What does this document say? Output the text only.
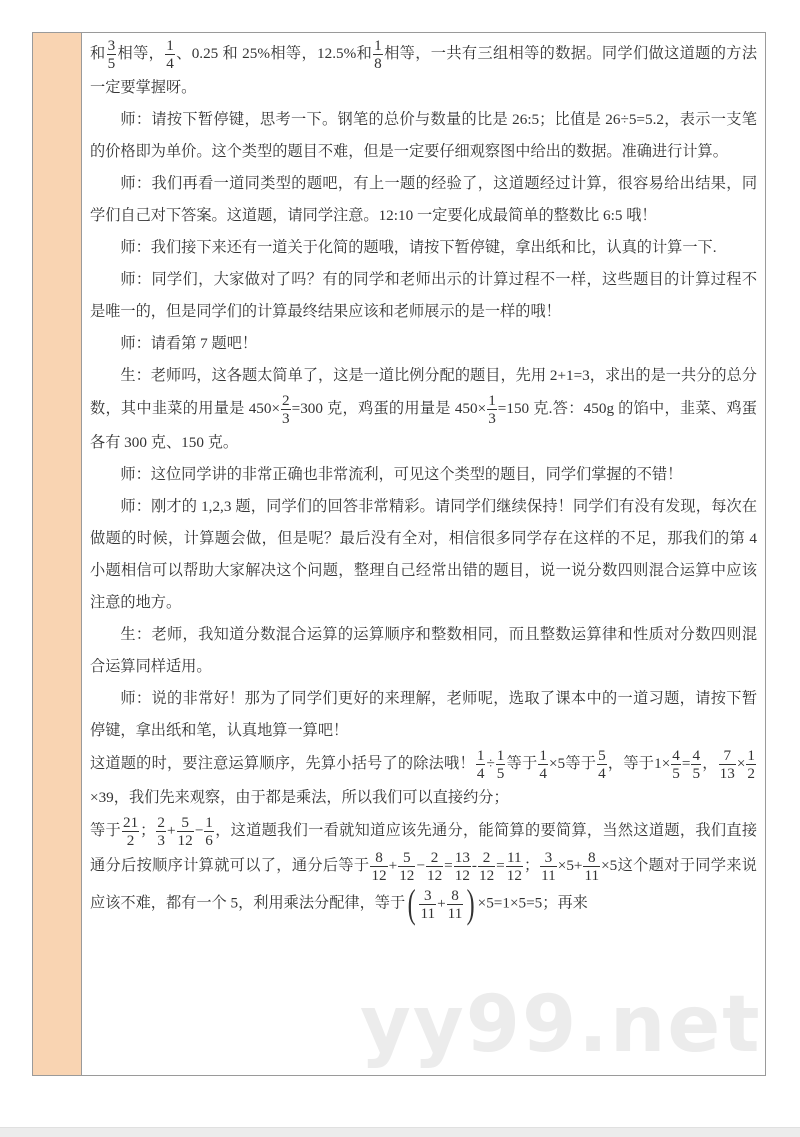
和 $\frac{3}{5}$ 相等， $\frac{1}{4}$ 、0.25 和 25%相等，12.5%和 $\frac{1}{8}$ 相等，一共有三组相等的数据。同学们做这道题的方法一定要掌握呀。

师：请按下暂停键，思考一下。钢笔的总价与数量的比是 26:5；比值是 26÷5=5.2，表示一支笔的价格即为单价。这个类型的题目不难，但是一定要仔细观察图中给出的数据。准确进行计算。

师：我们再看一道同类型的题吧，有上一题的经验了，这道题经过计算，很容易给出结果，同学们自己对下答案。这道题，请同学注意。12:10 一定要化成最简单的整数比 6:5 哦！

师：我们接下来还有一道关于化简的题哦，请按下暂停键，拿出纸和比，认真的计算一下.

师：同学们，大家做对了吗？有的同学和老师出示的计算过程不一样，这些题目的计算过程不是唯一的，但是同学们的计算最终结果应该和老师展示的是一样的哦！

师：请看第 7 题吧！

生：老师吗，这各题太简单了，这是一道比例分配的题目，先用 2+1=3，求出的是一共分的总分数，其中韭菜的用量是 $450\times \frac{2}{3} =300$ 克，鸡蛋的用量是 $450\times \frac{1}{3} =150$ 克.答：450g 的馅中，韭菜、鸡蛋各有 300 克、150 克。

师：这位同学讲的非常正确也非常流利，可见这个类型的题目，同学们掌握的不错！

师：刚才的 1,2,3 题，同学们的回答非常精彩。请同学们继续保持！同学们有没有发现，每次在做题的时候，计算题会做，但是呢？最后没有全对，相信很多同学存在这样的不足，那我们的第 4 小题相信可以帮助大家解决这个问题，整理自己经常出错的题目，说一说分数四则混合运算中应该注意的地方。

生：老师，我知道分数混合运算的运算顺序和整数相同，而且整数运算律和性质对分数四则混合运算同样适用。

师：说的非常好！那为了同学们更好的来理解，老师呢，选取了课本中的一道习题，请按下暂停键，拿出纸和笔，认真地算一算吧！

这道题的时，要注意运算顺序，先算小括号了的除法哦！ $\frac{1}{4} \div \frac{1}{5}$ 等于 $\frac{1}{4} \times 5$等于 $\frac{5}{4}$ ，等于$1\times \frac{4}{5} = \frac{4}{5}$ ， $\frac{7}{13} \times \frac{1}{2}$
×39，我们先来观察，由于都是乘法，所以我们可以直接约分；

等于 $\frac{21}{2}$ ； $\frac{2}{3} + \frac{5}{12} - \frac{1}{6}$ ，这道题我们一看就知道应该先通分，能简算的要简算，当然这道题，我们直接通分后按顺序计算就可以了，通分后等于 $\frac{8}{12} + \frac{5}{12} - \frac{2}{12} = \frac{13}{12} - \frac{2}{12} = \frac{11}{12}$ ； $\frac{3}{11} \times 5+ \frac{8}{11} \times 5$这个题对于同学来说应该不难，都有一个 5，利用乘法分配律，等于 ( $\frac{3}{11} + \frac{8}{11}$ ) ×5=1×5=5；再来

yy99.net
